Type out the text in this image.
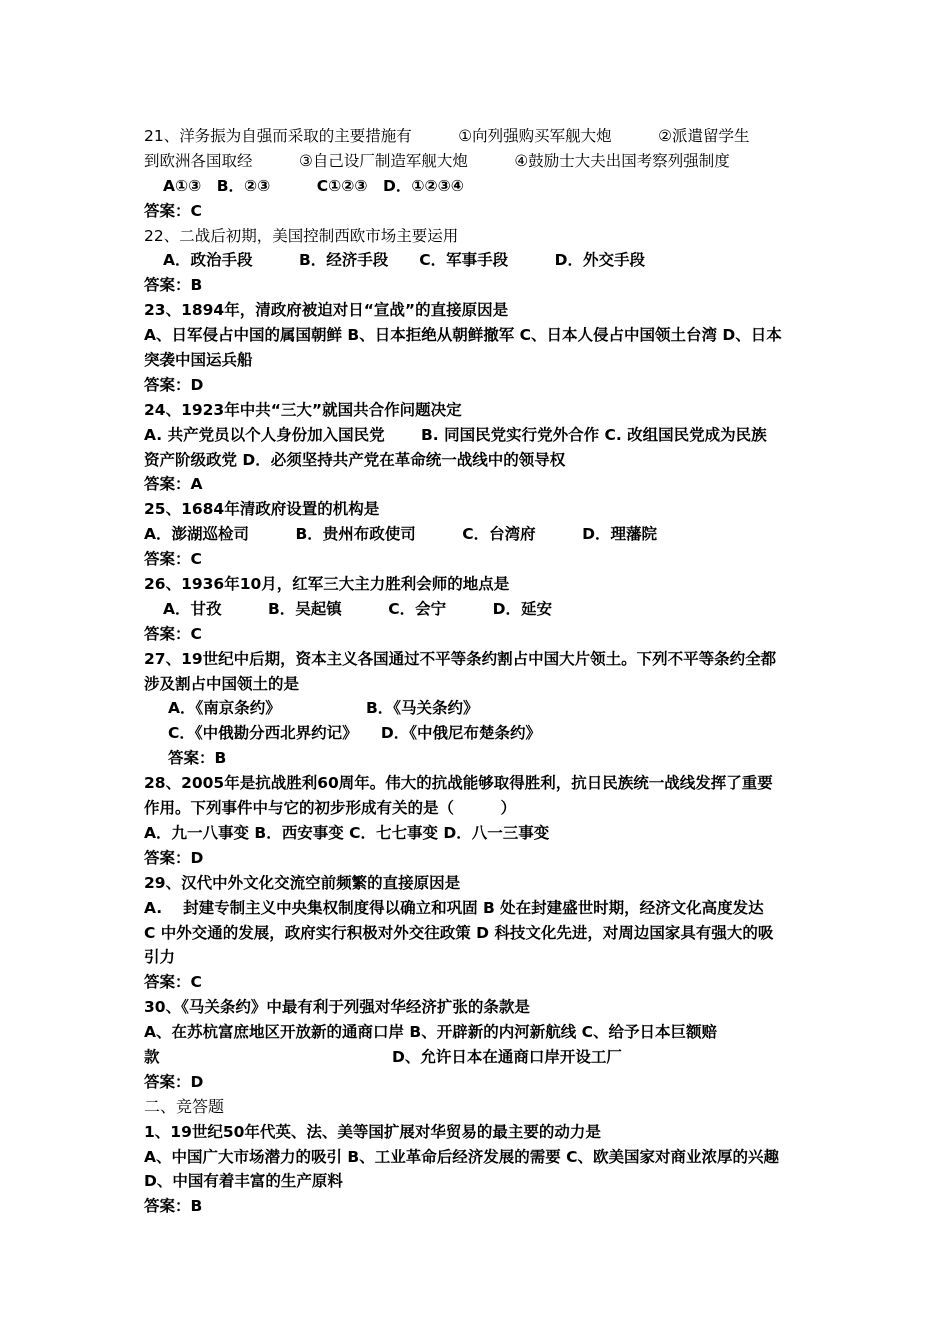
21、洋务振为自强而采取的主要措施有　　　①向列强购买军舰大炮　　　②派遣留学生
到欧洲各国取经　　　③自己设厂制造军舰大炮　　　④鼓励士大夫出国考察列强制度
A①③　B．②③　　　C①②③　D．①②③④
答案：C
22、二战后初期，美国控制西欧市场主要运用
A．政治手段　　　B．经济手段　　C．军事手段　　　D．外交手段
答案：B
23、1894年，清政府被迫对日“宣战”的直接原因是
A、日军侵占中国的属国朝鲜 B、日本拒绝从朝鲜撤军 C、日本人侵占中国领土台湾 D、日本
突袭中国运兵船
答案：D
24、1923年中共“三大”就国共合作问题决定
A. 共产党员以个人身份加入国民党　　 B. 同国民党实行党外合作 C. 改组国民党成为民族
资产阶级政党 D．必须坚持共产党在革命统一战线中的领导权
答案：A
25、1684年清政府设置的机构是
A．澎湖巡检司　　　B．贵州布政使司　　　C．台湾府　　　D．理藩院
答案：C
26、1936年10月，红军三大主力胜利会师的地点是
A．甘孜　　　B．吴起镇　　　C．会宁　　　D．延安
答案：C
27、19世纪中后期，资本主义各国通过不平等条约割占中国大片领土。下列不平等条约全都
涉及割占中国领土的是
A．《南京条约》　　　　　　B．《马关条约》
C．《中俄勘分西北界约记》　　D．《中俄尼布楚条约》
答案：B
28、2005年是抗战胜利60周年。伟大的抗战能够取得胜利，抗日民族统一战线发挥了重要
作用。下列事件中与它的初步形成有关的是（　　　）
A．九一八事变 B．西安事变 C．七七事变 D．八一三事变
答案：D
29、汉代中外文化交流空前频繁的直接原因是
A.　 封建专制主义中央集权制度得以确立和巩固 B 处在封建盛世时期，经济文化高度发达
C 中外交通的发展，政府实行积极对外交往政策 D 科技文化先进，对周边国家具有强大的吸
引力
答案：C
30、《马关条约》中最有利于列强对华经济扩张的条款是
A、在苏杭富庶地区开放新的通商口岸 B、开辟新的内河新航线 C、给予日本巨额赔
款　　　　　　　　　　　　　　　D、允许日本在通商口岸开设工厂
答案：D
二、竞答题
1、19世纪50年代英、法、美等国扩展对华贸易的最主要的动力是
A、中国广大市场潜力的吸引 B、工业革命后经济发展的需要 C、欧美国家对商业浓厚的兴趣
D、中国有着丰富的生产原料
答案：B
